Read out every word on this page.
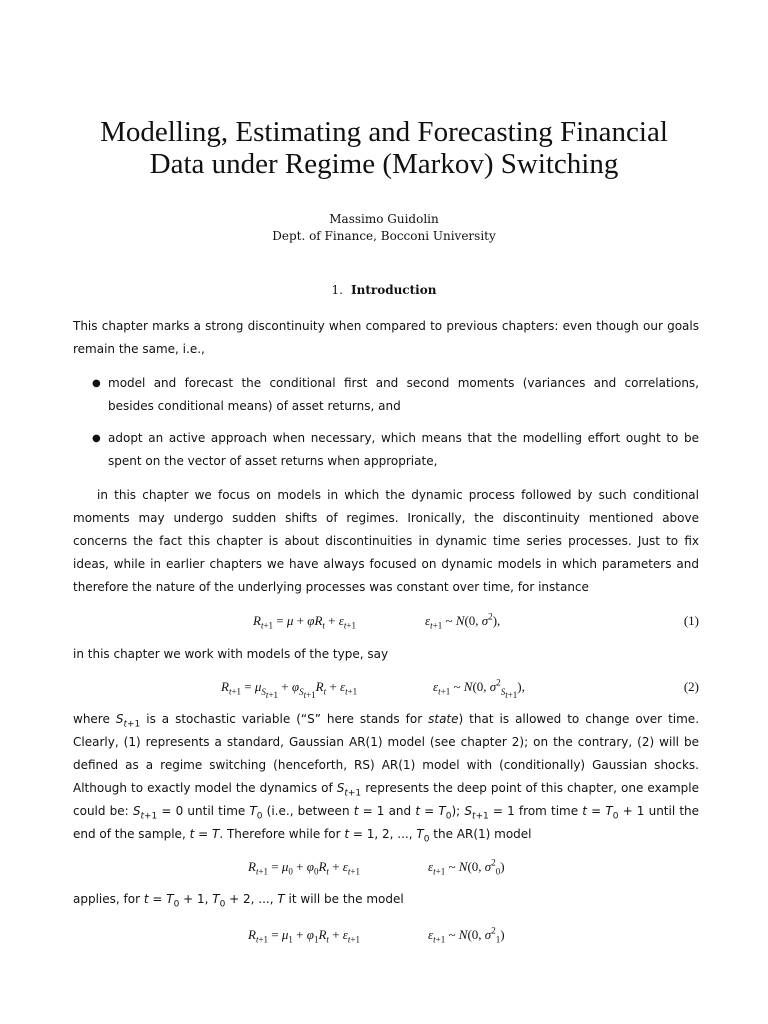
Modelling, Estimating and Forecasting Financial
Data under Regime (Markov) Switching
Massimo Guidolin
Dept. of Finance, Bocconi University
1. Introduction

This chapter marks a strong discontinuity when compared to previous chapters: even though our goals remain the same, i.e.,

● model and forecast the conditional first and second moments (variances and correlations, besides conditional means) of asset returns, and
● adopt an active approach when necessary, which means that the modelling effort ought to be spent on the vector of asset returns when appropriate,

in this chapter we focus on models in which the dynamic process followed by such conditional moments may undergo sudden shifts of regimes. Ironically, the discontinuity mentioned above concerns the fact this chapter is about discontinuities in dynamic time series processes. Just to fix ideas, while in earlier chapters we have always focused on dynamic models in which parameters and therefore the nature of the underlying processes was constant over time, for instance

$R_{t+1} = \mu + \varphi R_t + \varepsilon_{t+1}$	$\varepsilon_{t+1}$ ~ N(0, $\sigma^2$),	(1)

in this chapter we work with models of the type, say

$R_{t+1} = \mu_{S_{t+1}} + \varphi_{S_{t+1}}R_t + \varepsilon_{t+1}$	$\varepsilon_{t+1}$ ~ N(0, $\sigma^2_{S_{t+1}}$),	(2)

where $S_{t+1}$ is a stochastic variable (“S” here stands for state) that is allowed to change over time. Clearly, (1) represents a standard, Gaussian AR(1) model (see chapter 2); on the contrary, (2) will be defined as a regime switching (henceforth, RS) AR(1) model with (conditionally) Gaussian shocks. Although to exactly model the dynamics of $S_{t+1}$ represents the deep point of this chapter, one example could be: $S_{t+1} = 0$ until time $T_0$ (i.e., between t = 1 and $t = T_0$); $S_{t+1} = 1$ from time $t = T_0 + 1$ until the end of the sample, t = T. Therefore while for t = 1, 2, ..., $T_0$ the AR(1) model

$R_{t+1} = \mu_0 + \varphi_0R_t + \varepsilon_{t+1}$	$\varepsilon_{t+1}$ ~ N(0, $\sigma^2_0$)

applies, for $t = T_0 + 1$, $T_0 + 2$, ..., T it will be the model

$R_{t+1} = \mu_1 + \varphi_1R_t + \varepsilon_{t+1}$	$\varepsilon_{t+1}$ ~ N(0, $\sigma^2_1$)
